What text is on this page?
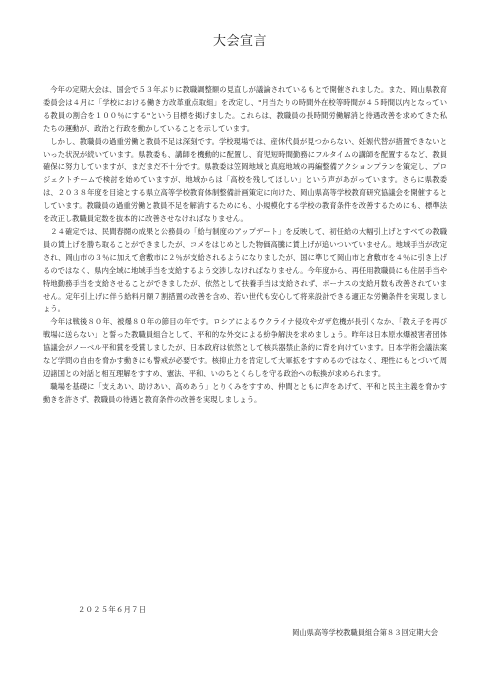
大会宣言

今年の定期大会は、国会で５３年ぶりに教職調整額の見直しが議論されているもとで開催されました。また、岡山県教育委員会は４月に「学校における働き方改革重点取組」を改定し、"月当たりの時間外在校等時間が４５時間以内となっている教員の割合を１００％にする"という目標を掲げました。これらは、教職員の長時間労働解消と待遇改善を求めてきた私たちの運動が、政治と行政を動かしていることを示しています。

しかし、教職員の過重労働と教員不足は深刻です。学校現場では、産休代員が見つからない、妊娠代替が措置できないといった状況が続いています。県教委も、講師を機動的に配置し、育児短時間勤務にフルタイムの講師を配置するなど、教員確保に努力していますが、まだまだ不十分です。県教委は笠岡地域と真庭地域の再編整備アクションプランを策定し、プロジェクトチームで検討を始めていますが、地域からは「高校を残してほしい」という声があがっています。さらに県教委は、２０３８年度を目途とする県立高等学校教育体制整備計画策定に向けた、岡山県高等学校教育研究協議会を開催するとしています。教職員の過重労働と教員不足を解消するためにも、小規模化する学校の教育条件を改善するためにも、標準法を改正し教職員定数を抜本的に改善させなければなりません。

２４確定では、民間春闘の成果と公務員の「給与制度のアップデート」を反映して、初任給の大幅引上げとすべての教職員の賃上げを勝ち取ることができましたが、コメをはじめとした物価高騰に賃上げが追いついていません。地域手当が改定され、岡山市の３％に加えて倉敷市に２％が支給されるようになりましたが、国に準じて岡山市と倉敷市を４％に引き上げるのではなく、県内全域に地域手当を支給するよう交渉しなければなりません。今年度から、再任用教職員にも住居手当や特地勤務手当を支給させることができましたが、依然として扶養手当は支給されず、ボーナスの支給月数も改善されていません。定年引上げに伴う給料月額７割措置の改善を含め、若い世代も安心して将来設計できる適正な労働条件を実現しましょう。

今年は戦後８０年、被爆８０年の節目の年です。ロシアによるウクライナ侵攻やガザ危機が長引くなか、「教え子を再び戦場に送らない」と誓った教職員組合として、平和的な外交による紛争解決を求めましょう。昨年は日本原水爆被害者団体協議会がノーベル平和賞を受賞しましたが、日本政府は依然として核兵器禁止条約に背を向けています。日本学術会議法案など学問の自由を脅かす動きにも警戒が必要です。核抑止力を肯定して大軍拡をすすめるのではなく、理性にもとづいて周辺諸国との対話と相互理解をすすめ、憲法、平和、いのちとくらしを守る政治への転換が求められます。

職場を基礎に「支えあい、助けあい、高めあう」とりくみをすすめ、仲間とともに声をあげて、平和と民主主義を脅かす動きを許さず、教職員の待遇と教育条件の改善を実現しましょう。

２０２５年６月７日
岡山県高等学校教職員組合第８３回定期大会
